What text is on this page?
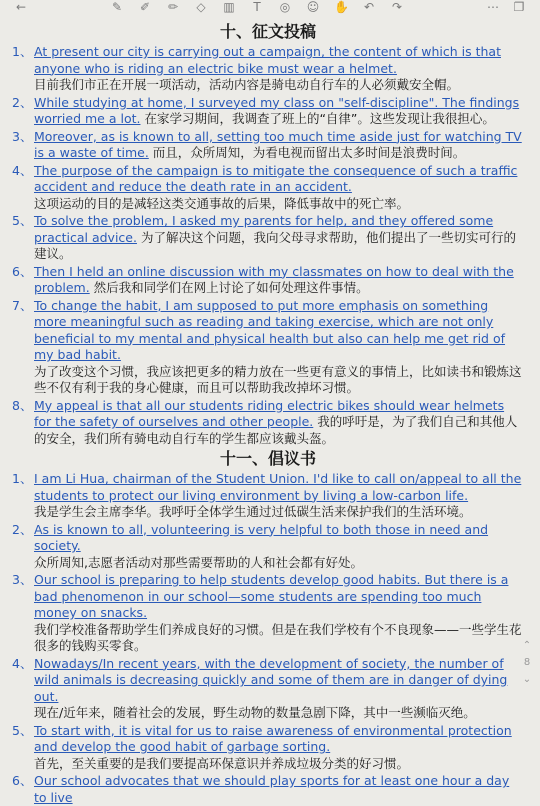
←	✎ ✐ ✏ ◇ ▥ T ◎ ☺ ✋ ↶ ↷	⋯ ❐
十、征文投稿
1、 At present our city is carrying out a campaign, the content of which is that anyone who is riding an electric bike must wear a helmet.
目前我们市正在开展一项活动，活动内容是骑电动自行车的人必须戴安全帽。
2、 While studying at home, I surveyed my class on "self-discipline". The findings worried me a lot. 在家学习期间，我调查了班上的“自律”。这些发现让我很担心。
3、 Moreover, as is known to all, setting too much time aside just for watching TV is a waste of time. 而且，众所周知，为看电视而留出太多时间是浪费时间。
4、 The purpose of the campaign is to mitigate the consequence of such a traffic accident and reduce the death rate in an accident.
这项运动的目的是减轻这类交通事故的后果，降低事故中的死亡率。
5、 To solve the problem, I asked my parents for help, and they offered some practical advice. 为了解决这个问题，我向父母寻求帮助，他们提出了一些切实可行的建议。
6、 Then I held an online discussion with my classmates on how to deal with the problem. 然后我和同学们在网上讨论了如何处理这件事情。
7、 To change the habit, I am supposed to put more emphasis on something more meaningful such as reading and taking exercise, which are not only beneficial to my mental and physical health but also can help me get rid of my bad habit.
为了改变这个习惯，我应该把更多的精力放在一些更有意义的事情上，比如读书和锻炼这些不仅有利于我的身心健康，而且可以帮助我改掉坏习惯。
8、 My appeal is that all our students riding electric bikes should wear helmets for the safety of ourselves and other people. 我的呼吁是，为了我们自己和其他人的安全，我们所有骑电动自行车的学生都应该戴头盔。
十一、倡议书
1、 I am Li Hua, chairman of the Student Union. I'd like to call on/appeal to all the students to protect our living environment by living a low-carbon life.
我是学生会主席李华。我呼吁全体学生通过过低碳生活来保护我们的生活环境。
2、 As is known to all, volunteering is very helpful to both those in need and society.
众所周知,志愿者活动对那些需要帮助的人和社会都有好处。
3、 Our school is preparing to help students develop good habits. But there is a bad phenomenon in our school—some students are spending too much money on snacks.
我们学校准备帮助学生们养成良好的习惯。但是在我们学校有个不良现象——一些学生花很多的钱购买零食。
4、 Nowadays/In recent years, with the development of society, the number of wild animals is decreasing quickly and some of them are in danger of dying out.
现在/近年来，随着社会的发展，野生动物的数量急剧下降，其中一些濒临灭绝。
5、 To start with, it is vital for us to raise awareness of environmental protection and develop the good habit of garbage sorting.
首先，至关重要的是我们要提高环保意识并养成垃圾分类的好习惯。
6、 Our school advocates that we should play sports for at least one hour a day to live
⌃
8
⌄
